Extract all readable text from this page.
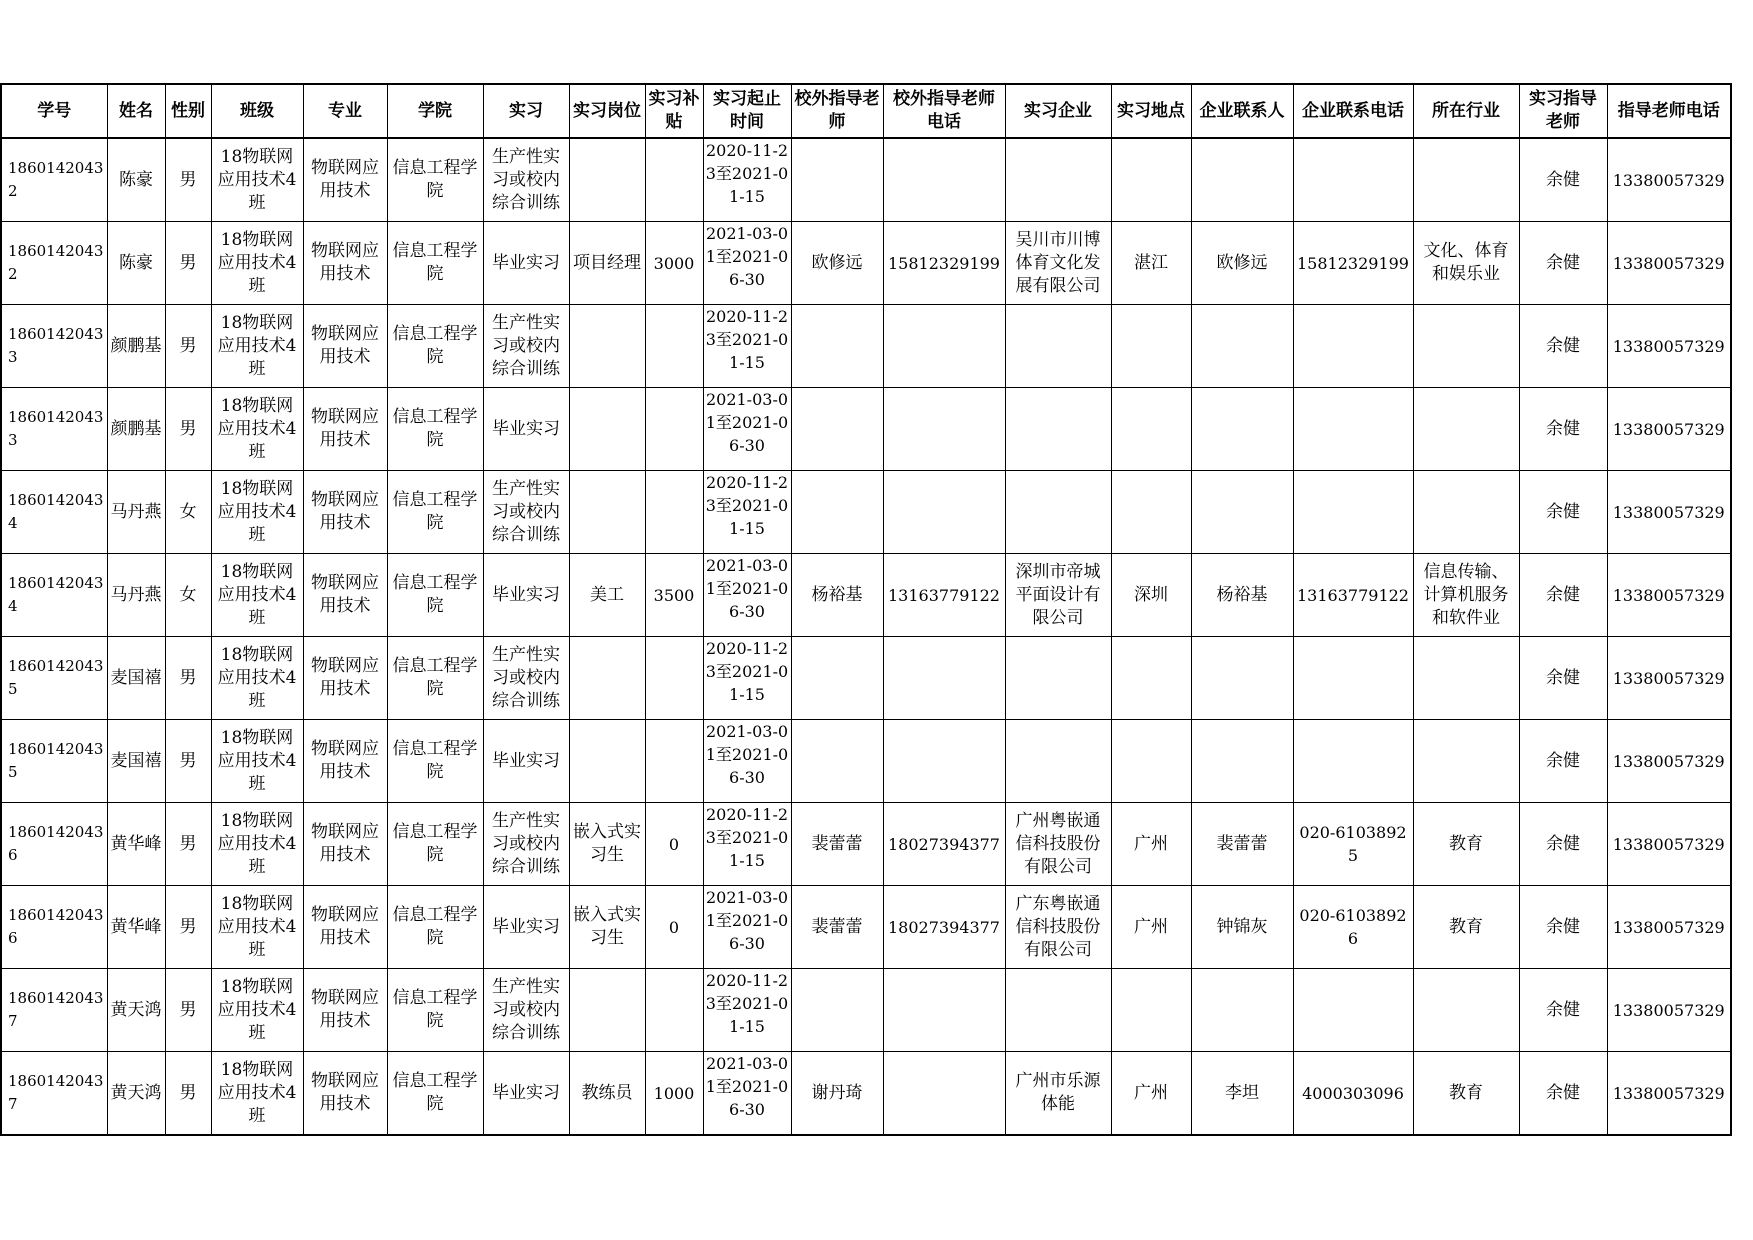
学号	姓名	性别	班级	专业	学院	实习	实习岗位	实习补贴	实习起止时间	校外指导老师	校外指导老师电话	实习企业	实习地点	企业联系人	企业联系电话	所在行业	实习指导老师	指导老师电话
18601420432	陈豪	男	18物联网应用技术4班	物联网应用技术	信息工程学院	生产性实习或校内综合训练			2020-11-23至2021-01-15								余健	13380057329
18601420432	陈豪	男	18物联网应用技术4班	物联网应用技术	信息工程学院	毕业实习	项目经理	3000	2021-03-01至2021-06-30	欧修远	15812329199	吴川市川博体育文化发展有限公司	湛江	欧修远	15812329199	文化、体育和娱乐业	余健	13380057329
18601420433	颜鹏基	男	18物联网应用技术4班	物联网应用技术	信息工程学院	生产性实习或校内综合训练			2020-11-23至2021-01-15								余健	13380057329
18601420433	颜鹏基	男	18物联网应用技术4班	物联网应用技术	信息工程学院	毕业实习			2021-03-01至2021-06-30								余健	13380057329
18601420434	马丹燕	女	18物联网应用技术4班	物联网应用技术	信息工程学院	生产性实习或校内综合训练			2020-11-23至2021-01-15								余健	13380057329
18601420434	马丹燕	女	18物联网应用技术4班	物联网应用技术	信息工程学院	毕业实习	美工	3500	2021-03-01至2021-06-30	杨裕基	13163779122	深圳市帝城平面设计有限公司	深圳	杨裕基	13163779122	信息传输、计算机服务和软件业	余健	13380057329
18601420435	麦国禧	男	18物联网应用技术4班	物联网应用技术	信息工程学院	生产性实习或校内综合训练			2020-11-23至2021-01-15								余健	13380057329
18601420435	麦国禧	男	18物联网应用技术4班	物联网应用技术	信息工程学院	毕业实习			2021-03-01至2021-06-30								余健	13380057329
18601420436	黄华峰	男	18物联网应用技术4班	物联网应用技术	信息工程学院	生产性实习或校内综合训练	嵌入式实习生	0	2020-11-23至2021-01-15	裴蕾蕾	18027394377	广州粤嵌通信科技股份有限公司	广州	裴蕾蕾	020-61038925	教育	余健	13380057329
18601420436	黄华峰	男	18物联网应用技术4班	物联网应用技术	信息工程学院	毕业实习	嵌入式实习生	0	2021-03-01至2021-06-30	裴蕾蕾	18027394377	广东粤嵌通信科技股份有限公司	广州	钟锦灰	020-61038926	教育	余健	13380057329
18601420437	黄天鸿	男	18物联网应用技术4班	物联网应用技术	信息工程学院	生产性实习或校内综合训练			2020-11-23至2021-01-15								余健	13380057329
18601420437	黄天鸿	男	18物联网应用技术4班	物联网应用技术	信息工程学院	毕业实习	教练员	1000	2021-03-01至2021-06-30	谢丹琦		广州市乐源体能	广州	李坦	4000303096	教育	余健	13380057329
